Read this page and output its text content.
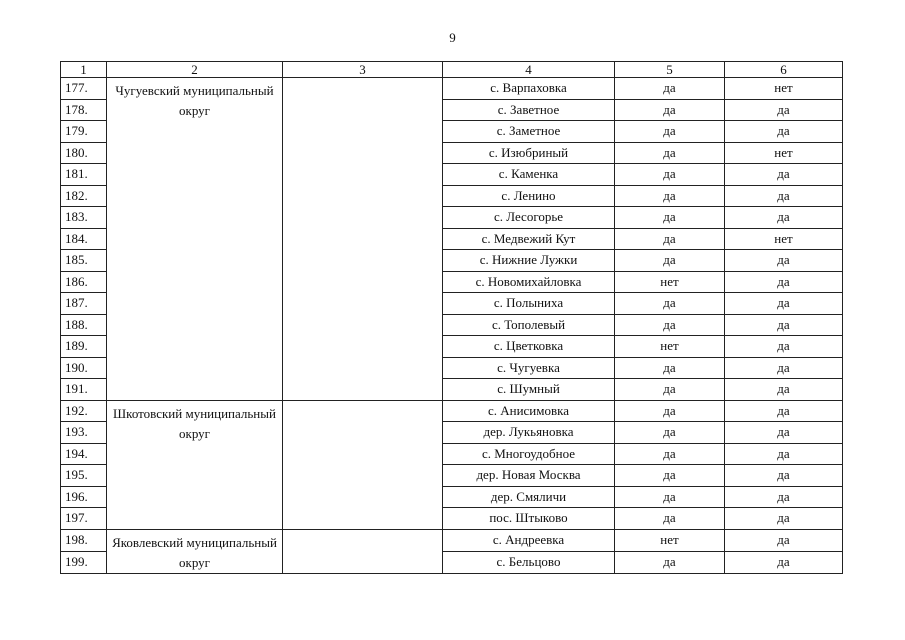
9
1	2	3	4	5	6
177.	Чугуевский муниципальный округ		с. Варпаховка	да	нет
178.			с. Заветное	да	да
179.			с. Заметное	да	да
180.			с. Изюбриный	да	нет
181.			с. Каменка	да	да
182.			с. Ленино	да	да
183.			с. Лесогорье	да	да
184.			с. Медвежий Кут	да	нет
185.			с. Нижние Лужки	да	да
186.			с. Новомихайловка	нет	да
187.			с. Полыниха	да	да
188.			с. Тополевый	да	да
189.			с. Цветковка	нет	да
190.			с. Чугуевка	да	да
191.			с. Шумный	да	да
192.	Шкотовский муниципальный округ		с. Анисимовка	да	да
193.			дер. Лукьяновка	да	да
194.			с. Многоудобное	да	да
195.			дер. Новая Москва	да	да
196.			дер. Смяличи	да	да
197.			пос. Штыково	да	да
198.	Яковлевский муниципальный округ		с. Андреевка	нет	да
199.			с. Бельцово	да	да
